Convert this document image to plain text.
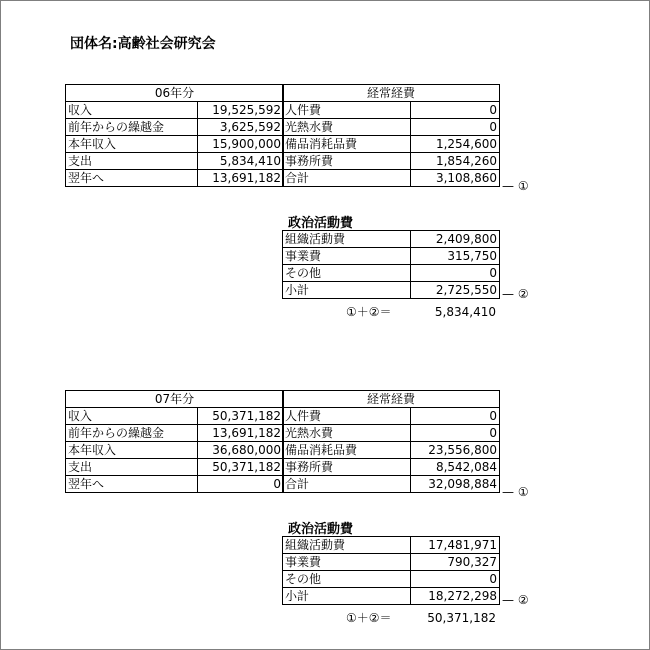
団体名:高齢社会研究会
06年分	
収入	19,525,592
前年からの繰越金	3,625,592
本年収入	15,900,000
支出	5,834,410
翌年へ	13,691,182
経常経費	
人件費	0
光熱水費	0
備品消耗品費	1,254,600
事務所費	1,854,260
合計	3,108,860
— ①
政治活動費
組織活動費	2,409,800
事業費	315,750
その他	0
小計	2,725,550 — ②
①＋②＝	5,834,410
07年分	
収入	50,371,182
前年からの繰越金	13,691,182
本年収入	36,680,000
支出	50,371,182
翌年へ	0
経常経費	
人件費	0
光熱水費	0
備品消耗品費	23,556,800
事務所費	8,542,084
合計	32,098,884
— ①
政治活動費
組織活動費	17,481,971
事業費	790,327
その他	0
小計	18,272,298 — ②
①＋②＝	50,371,182
